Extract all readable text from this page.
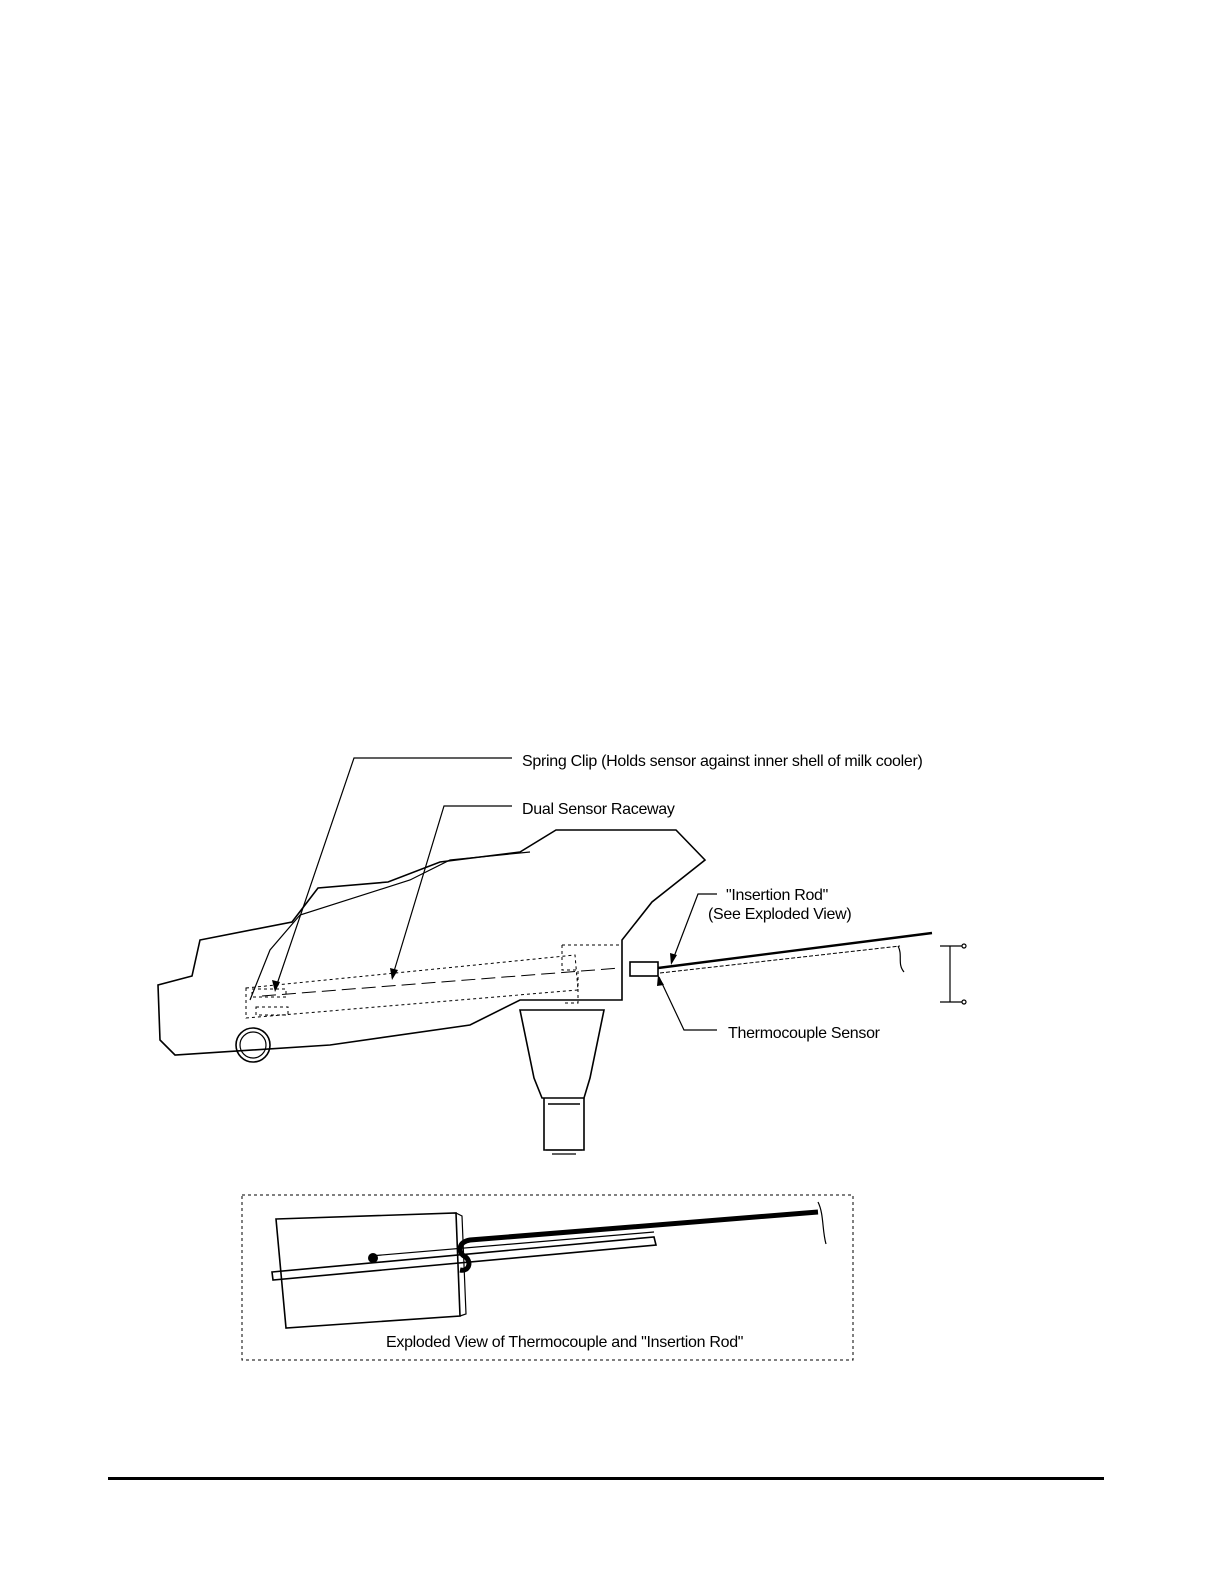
Spring Clip (Holds sensor against inner shell of milk cooler)
Dual Sensor Raceway
"Insertion Rod"
(See Exploded View)
Thermocouple Sensor
Exploded View of Thermocouple and "Insertion Rod"
